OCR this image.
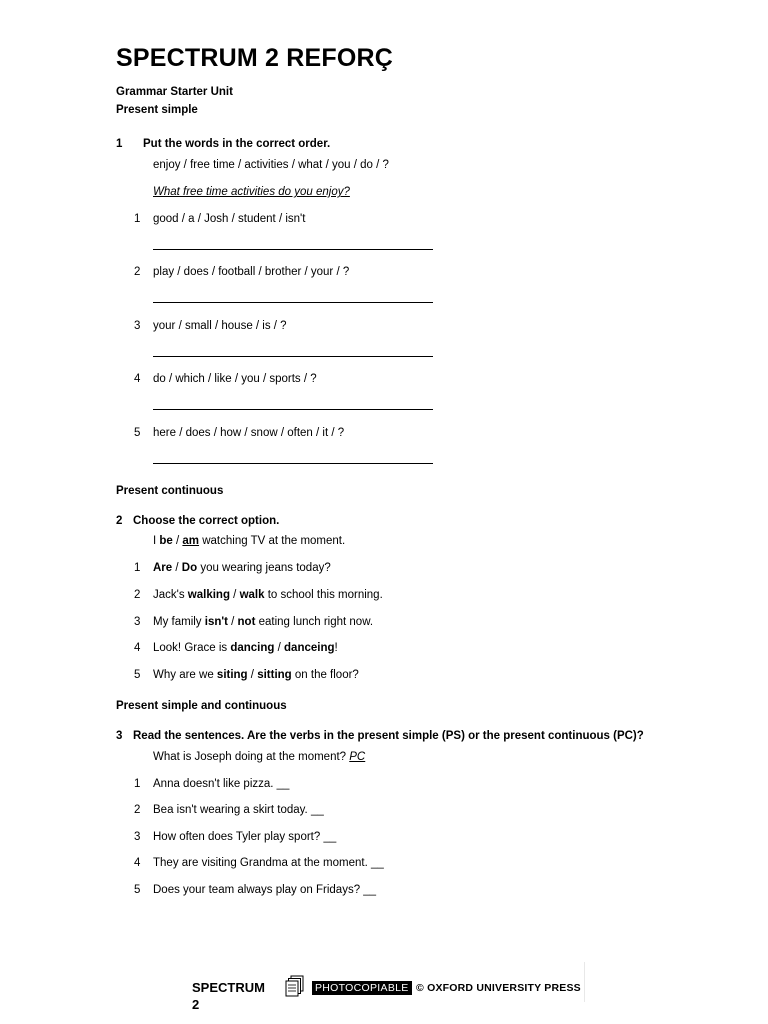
SPECTRUM 2 REFORÇ
Grammar Starter Unit
Present simple
1 Put the words in the correct order.
enjoy / free time / activities / what / you / do / ?
What free time activities do you enjoy?
1 good / a / Josh / student / isn't
2 play / does / football / brother / your / ?
3 your / small / house / is / ?
4 do / which / like / you / sports / ?
5 here / does / how / snow / often / it / ?
Present continuous
2 Choose the correct option.
I be / am watching TV at the moment.
1 Are / Do you wearing jeans today?
2 Jack's walking / walk to school this morning.
3 My family isn't / not eating lunch right now.
4 Look! Grace is dancing / danceing!
5 Why are we siting / sitting on the floor?
Present simple and continuous
3 Read the sentences. Are the verbs in the present simple (PS) or the present continuous (PC)?
What is Joseph doing at the moment? PC
1 Anna doesn't like pizza. __
2 Bea isn't wearing a skirt today. __
3 How often does Tyler play sport? __
4 They are visiting Grandma at the moment. __
5 Does your team always play on Fridays? __
SPECTRUM
2
PHOTOCOPIABLE © OXFORD UNIVERSITY PRESS
